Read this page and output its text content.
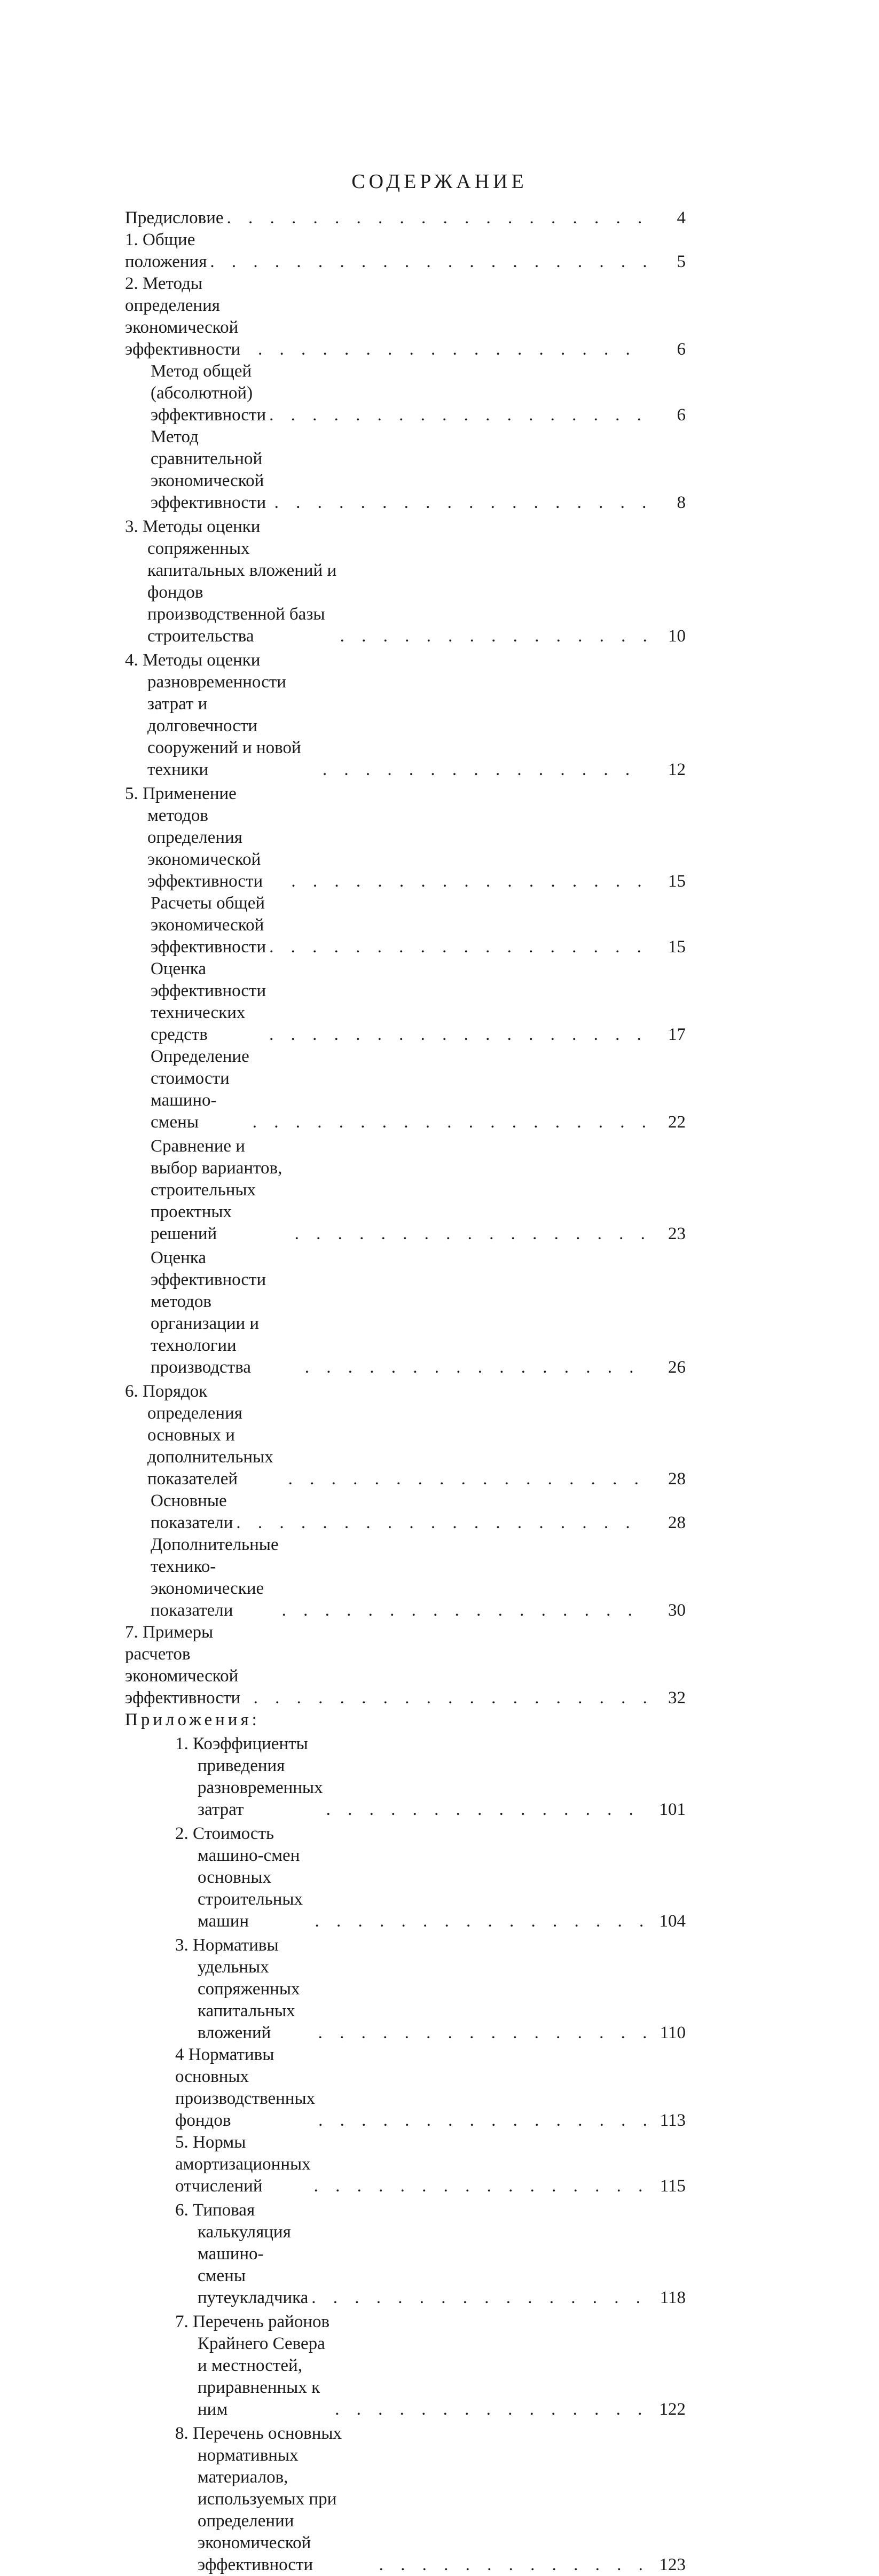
СОДЕРЖАНИЕ
Предисловие . . .	4
1. Общие положения . . .	5
2. Методы определения экономической эффективности . . .	6
Метод общей (абсолютной) эффективности . . .	6
Метод сравнительной экономической эффективности . . .	8
3. Методы оценки сопряженных капитальных вложений и фондов производственной базы строительства . . .	10
4. Методы оценки разновременности затрат и долговечности сооружений и новой техники . . .	12
5. Применение методов определения экономической эффективности . . .	15
Расчеты общей экономической эффективности . . .	15
Оценка эффективности технических средств . . .	17
Определение стоимости машино-смены . . .	22
Сравнение и выбор вариантов, строительных проектных решений . . .	23
Оценка эффективности методов организации и технологии производства . . .	26
6. Порядок определения основных и дополнительных показателей . . .	28
Основные показатели . . .	28
Дополнительные технико-экономические показатели . . .	30
7. Примеры расчетов экономической эффективности . . .	32
Приложения:
1. Коэффициенты приведения разновременных затрат . . .	101
2. Стоимость машино-смен основных строительных машин . . .	104
3. Нормативы удельных сопряженных капитальных вложений . . .	110
4 Нормативы основных производственных фондов . . .	113
5. Нормы амортизационных отчислений . . .	115
6. Типовая калькуляция машино-смены путеукладчика . . .	118
7. Перечень районов Крайнего Севера и местностей, приравненных к ним . . .	122
8. Перечень основных нормативных материалов, используемых при определении экономической эффективности . . .	123
